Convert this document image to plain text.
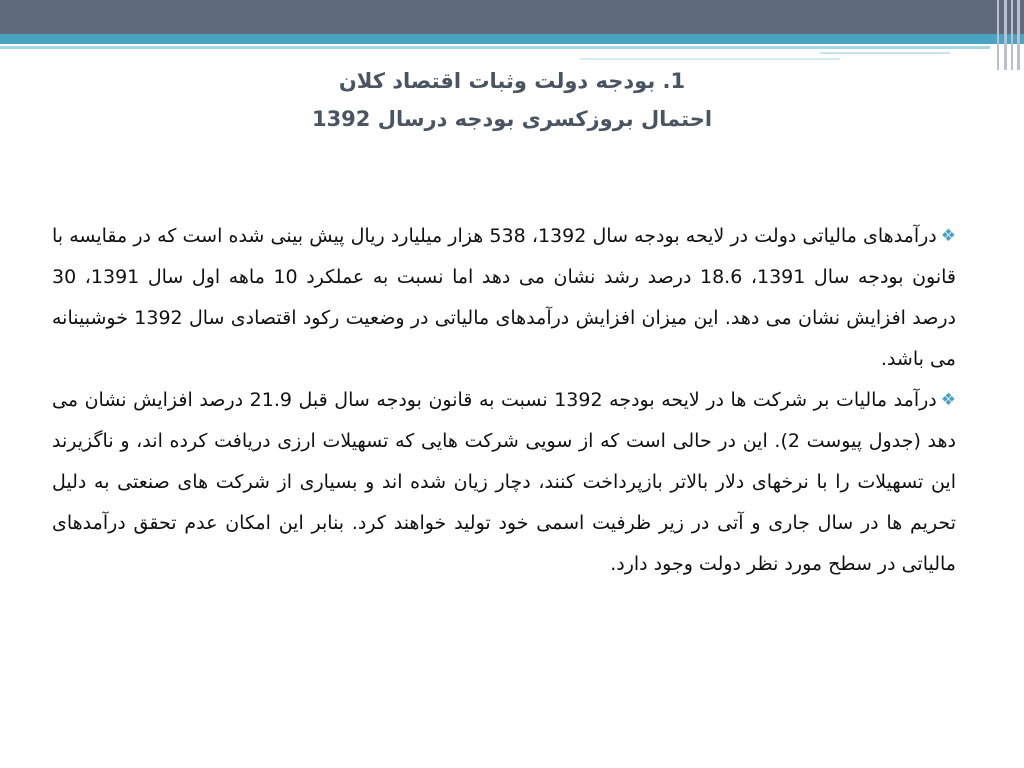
1. بودجه دولت وثبات اقتصاد کلان
احتمال بروزکسری بودجه درسال 1392

❖درآمدهای مالیاتی دولت در لایحه بودجه سال 1392، 538 هزار میلیارد ریال پیش بینی شده است که در مقایسه با قانون بودجه سال 1391، 18.6 درصد رشد نشان می دهد اما نسبت به عملکرد 10 ماهه اول سال 1391، 30 درصد افزایش نشان می دهد. این میزان افزایش درآمدهای مالیاتی در وضعیت رکود اقتصادی سال 1392 خوشبینانه می باشد.

❖درآمد مالیات بر شرکت ها در لایحه بودجه 1392 نسبت به قانون بودجه سال قبل 21.9 درصد افزایش نشان می دهد (جدول پیوست 2). این در حالی است که از سویی شرکت هایی که تسهیلات ارزی دریافت کرده اند، و ناگزیرند این تسهیلات را با نرخهای دلار بالاتر بازپرداخت کنند، دچار زیان شده اند و بسیاری از شرکت های صنعتی به دلیل تحریم ها در سال جاری و آتی در زیر ظرفیت اسمی خود تولید خواهند کرد. بنابر این امکان عدم تحقق درآمدهای مالیاتی در سطح مورد نظر دولت وجود دارد.
